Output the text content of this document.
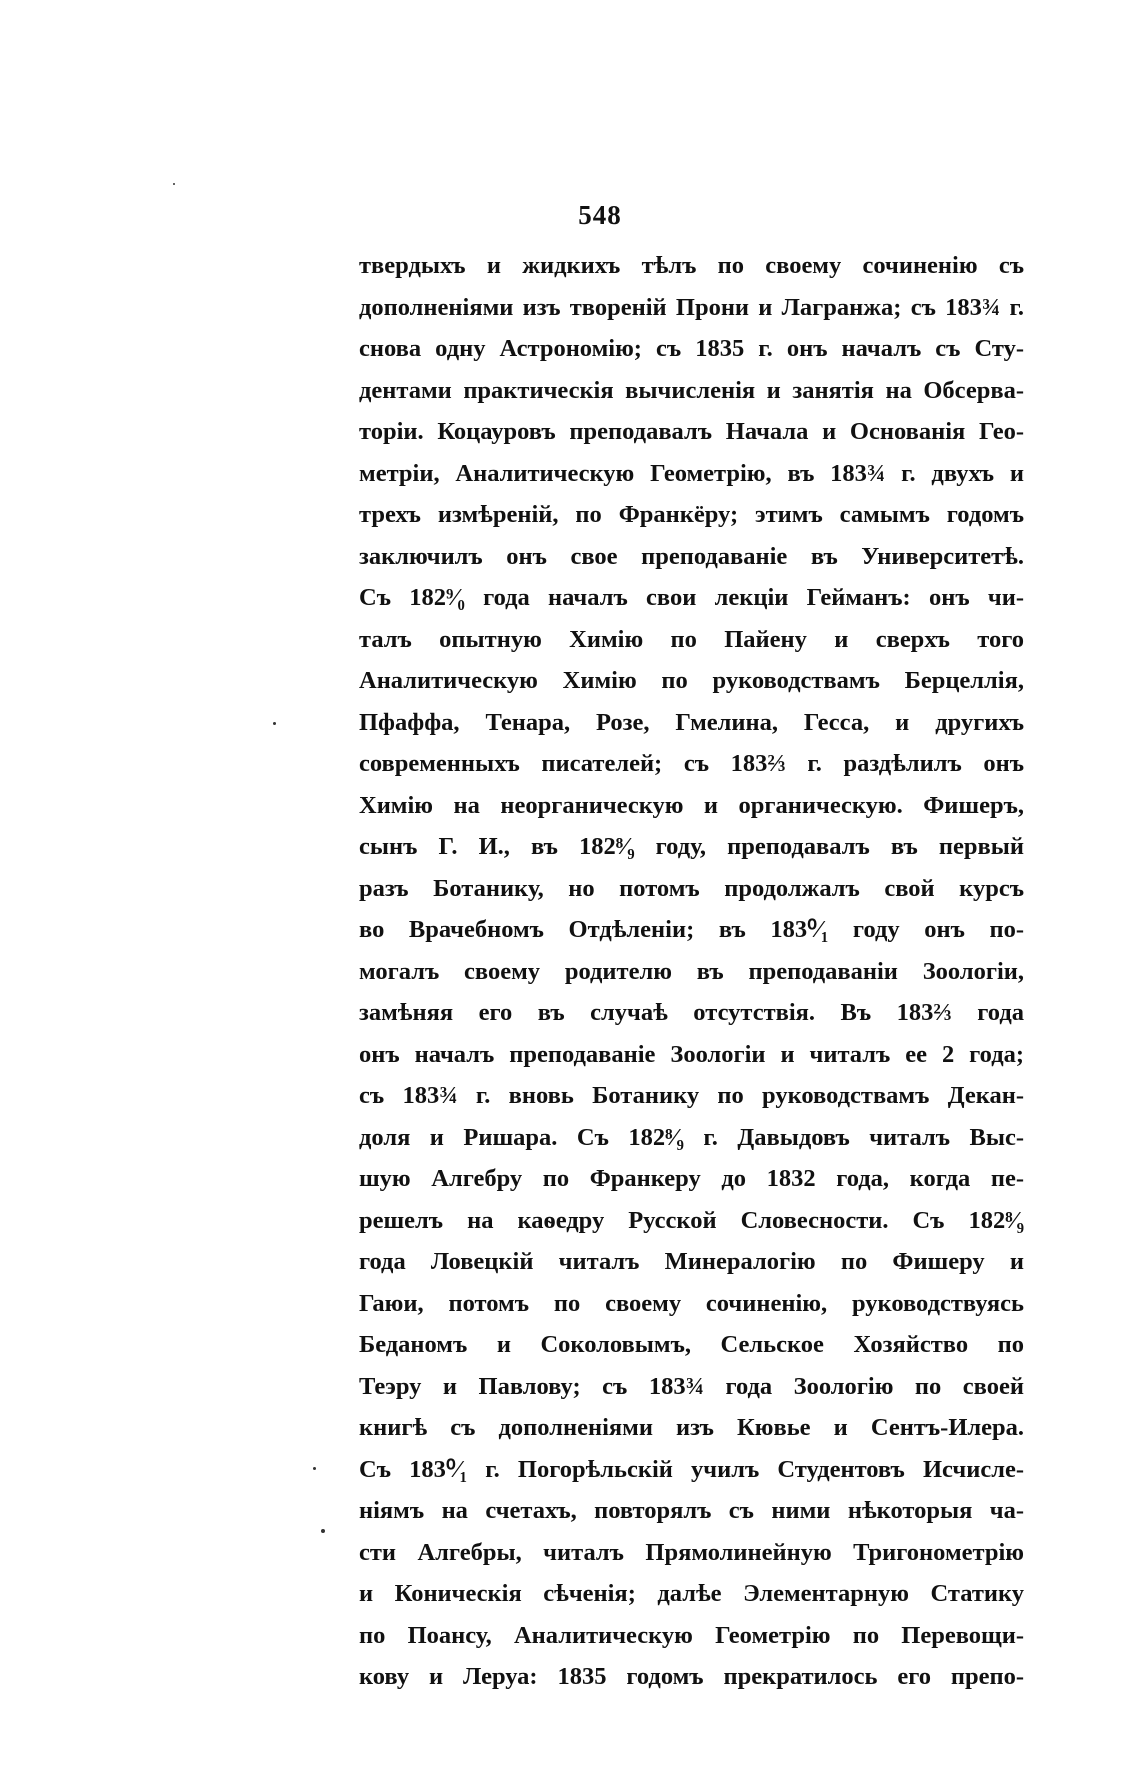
548
твердыхъ и жидкихъ тѣлъ по своему сочиненію съ
дополненіями изъ твореній Прони и Лагранжа; съ 183¾ г.
снова одну Астрономію; съ 1835 г. онъ началъ съ Сту-
дентами практическія вычисленія и занятія на Обсерва-
торіи. Коцауровъ преподавалъ Начала и Основанія Гео-
метріи, Аналитическую Геометрію, въ 183¾ г. двухъ и
трехъ измѣреній, по Франкёру; этимъ самымъ годомъ
заключилъ онъ свое преподаваніе въ Университетѣ.
Съ 182⁹⁄₀ года началъ свои лекціи Гейманъ: онъ чи-
талъ опытную Химію по Пайену и сверхъ того
Аналитическую Химію по руководствамъ Берцеллія,
Пфаффа, Тенара, Розе, Гмелина, Гесса, и другихъ
современныхъ писателей; съ 183⅔ г. раздѣлилъ онъ
Химію на неорганическую и органическую. Фишеръ,
сынъ Г. И., въ 182⁸⁄₉ году, преподавалъ въ первый
разъ Ботанику, но потомъ продолжалъ свой курсъ
во Врачебномъ Отдѣленіи; въ 183⁰⁄₁ году онъ по-
могалъ своему родителю въ преподаваніи Зоологіи,
замѣняя его въ случаѣ отсутствія. Въ 183⅔ года
онъ началъ преподаваніе Зоологіи и читалъ ее 2 года;
съ 183¾ г. вновь Ботанику по руководствамъ Декан-
доля и Ришара. Съ 182⁸⁄₉ г. Давыдовъ читалъ Выс-
шую Алгебру по Франкеру до 1832 года, когда пе-
решелъ на каѳедру Русской Словесности. Съ 182⁸⁄₉
года Ловецкій читалъ Минералогію по Фишеру и
Гаюи, потомъ по своему сочиненію, руководствуясь
Беданомъ и Соколовымъ, Сельское Хозяйство по
Теэру и Павлову; съ 183¾ года Зоологію по своей
книгѣ съ дополненіями изъ Кювье и Сентъ-Илера.
Съ 183⁰⁄₁ г. Погорѣльскій училъ Студентовъ Исчисле-
ніямъ на счетахъ, повторялъ съ ними нѣкоторыя ча-
сти Алгебры, читалъ Прямолинейную Тригонометрію
и Коническія сѣченія; далѣе Элементарную Статику
по Поансу, Аналитическую Геометрію по Перевощи-
кову и Леруа: 1835 годомъ прекратилось его препо-
